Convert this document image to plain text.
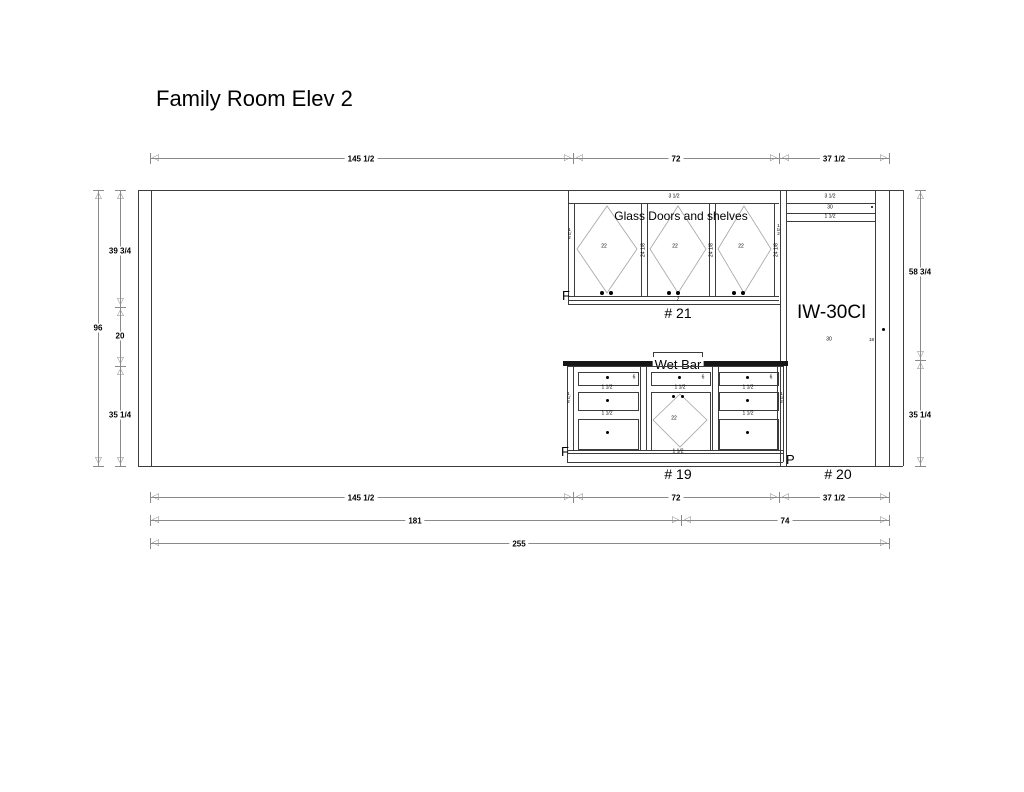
Family Room Elev 2
Glass Doors and shelves
3 1/2
22	22	22
24 1/8	24 1/8	24 1/8
1 1/2
1 1/2
F	2
# 21
3 1/2
30
1 1/2
IW-30CI
30	18
# 20
Wet Bar
1 1/2
1 1/2
1 1/2
1 1/2
1 1/2
1 1/2
6	6	6
22
1 1/2
1 1/2
F
P
# 19
◁	▷ ◁	▷ ◁	▷
145 1/2	72	37 1/2
△
▽
96
△
▽
△
▽
△
▽
39 3/4
20
35 1/4
△
▽
△
▽
58 3/4
35 1/4
◁	▷ ◁	▷ ◁	▷
145 1/2	72	37 1/2
◁	▷ ◁	▷
181	74
◁	▷
255
